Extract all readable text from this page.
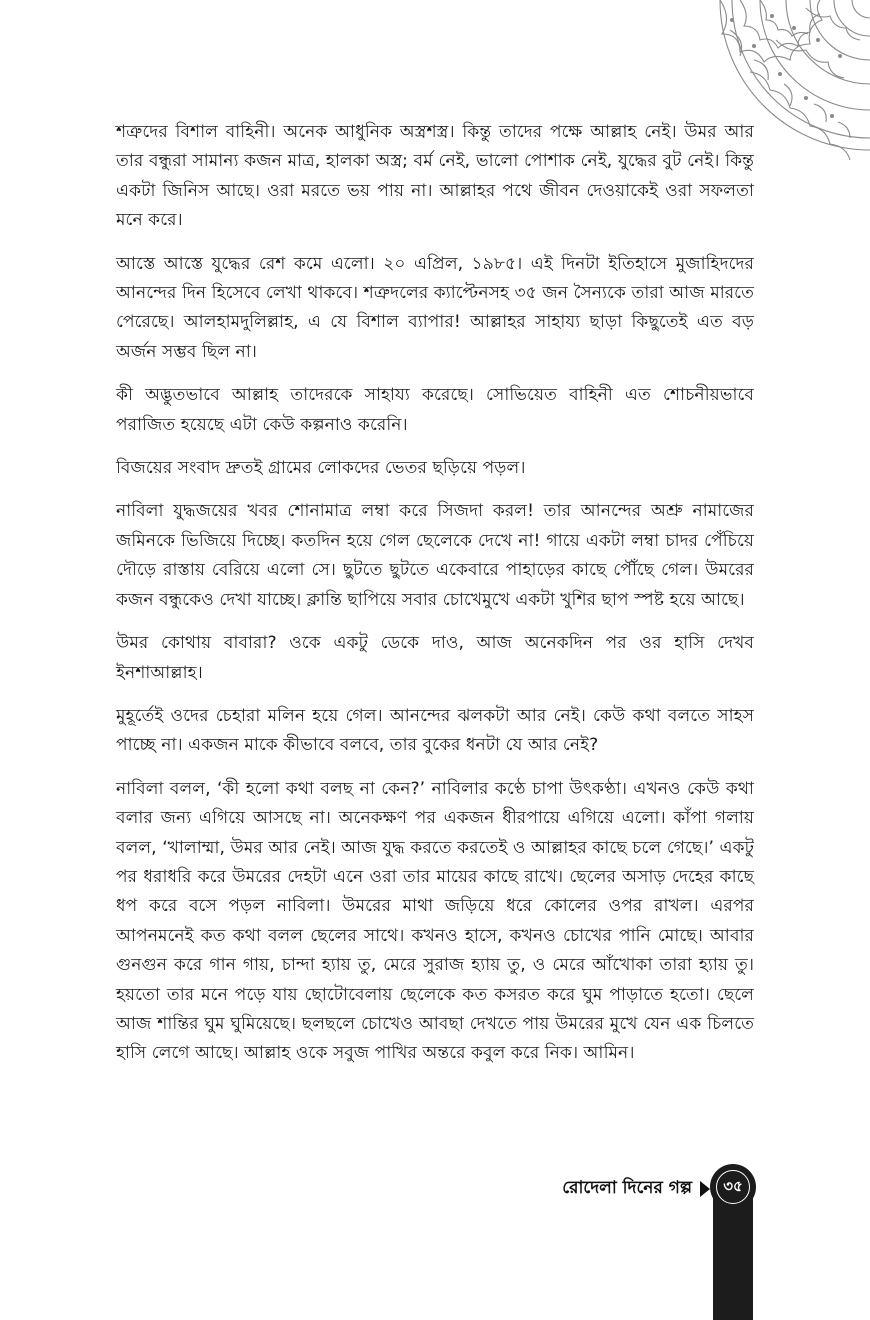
শত্রুদের বিশাল বাহিনী। অনেক আধুনিক অস্ত্রশস্ত্র। কিন্তু তাদের পক্ষে আল্লাহ নেই। উমর আর তার বন্ধুরা সামান্য কজন মাত্র, হালকা অস্ত্র; বর্ম নেই, ভালো পোশাক নেই, যুদ্ধের বুট নেই। কিন্তু একটা জিনিস আছে। ওরা মরতে ভয় পায় না। আল্লাহর পথে জীবন দেওয়াকেই ওরা সফলতা মনে করে।

আস্তে আস্তে যুদ্ধের রেশ কমে এলো। ২০ এপ্রিল, ১৯৮৫। এই দিনটা ইতিহাসে মুজাহিদদের আনন্দের দিন হিসেবে লেখা থাকবে। শত্রুদলের ক্যাপ্টেনসহ ৩৫ জন সৈন্যকে তারা আজ মারতে পেরেছে। আলহামদুলিল্লাহ, এ যে বিশাল ব্যাপার! আল্লাহর সাহায্য ছাড়া কিছুতেই এত বড় অর্জন সম্ভব ছিল না।

কী অদ্ভুতভাবে আল্লাহ তাদেরকে সাহায্য করেছে। সোভিয়েত বাহিনী এত শোচনীয়ভাবে পরাজিত হয়েছে এটা কেউ কল্পনাও করেনি।

বিজয়ের সংবাদ দ্রুতই গ্রামের লোকদের ভেতর ছড়িয়ে পড়ল।

নাবিলা যুদ্ধজয়ের খবর শোনামাত্র লম্বা করে সিজদা করল! তার আনন্দের অশ্রু নামাজের জমিনকে ভিজিয়ে দিচ্ছে। কতদিন হয়ে গেল ছেলেকে দেখে না! গায়ে একটা লম্বা চাদর পেঁচিয়ে দৌড়ে রাস্তায় বেরিয়ে এলো সে। ছুটতে ছুটতে একেবারে পাহাড়ের কাছে পৌঁছে গেল। উমরের কজন বন্ধুকেও দেখা যাচ্ছে। ক্লান্তি ছাপিয়ে সবার চোখেমুখে একটা খুশির ছাপ স্পষ্ট হয়ে আছে।

উমর কোথায় বাবারা? ওকে একটু ডেকে দাও, আজ অনেকদিন পর ওর হাসি দেখব ইনশাআল্লাহ।

মুহূর্তেই ওদের চেহারা মলিন হয়ে গেল। আনন্দের ঝলকটা আর নেই। কেউ কথা বলতে সাহস পাচ্ছে না। একজন মাকে কীভাবে বলবে, তার বুকের ধনটা যে আর নেই?

নাবিলা বলল, ‘কী হলো কথা বলছ না কেন?’ নাবিলার কণ্ঠে চাপা উৎকণ্ঠা। এখনও কেউ কথা বলার জন্য এগিয়ে আসছে না। অনেকক্ষণ পর একজন ধীরপায়ে এগিয়ে এলো। কাঁপা গলায় বলল, ‘খালাম্মা, উমর আর নেই। আজ যুদ্ধ করতে করতেই ও আল্লাহর কাছে চলে গেছে।’ একটু পর ধরাধরি করে উমরের দেহটা এনে ওরা তার মায়ের কাছে রাখে। ছেলের অসাড় দেহের কাছে ধপ করে বসে পড়ল নাবিলা। উমরের মাথা জড়িয়ে ধরে কোলের ওপর রাখল। এরপর আপনমনেই কত কথা বলল ছেলের সাথে। কখনও হাসে, কখনও চোখের পানি মোছে। আবার গুনগুন করে গান গায়, চান্দা হ্যায় তু, মেরে সুরাজ হ্যায় তু, ও মেরে আঁখোকা তারা হ্যায় তু। হয়তো তার মনে পড়ে যায় ছোটোবেলায় ছেলেকে কত কসরত করে ঘুম পাড়াতে হতো। ছেলে আজ শান্তির ঘুম ঘুমিয়েছে। ছলছলে চোখেও আবছা দেখতে পায় উমরের মুখে যেন এক চিলতে হাসি লেগে আছে। আল্লাহ ওকে সবুজ পাখির অন্তরে কবুল করে নিক। আমিন।

রোদেলা দিনের গল্প ৩৫
